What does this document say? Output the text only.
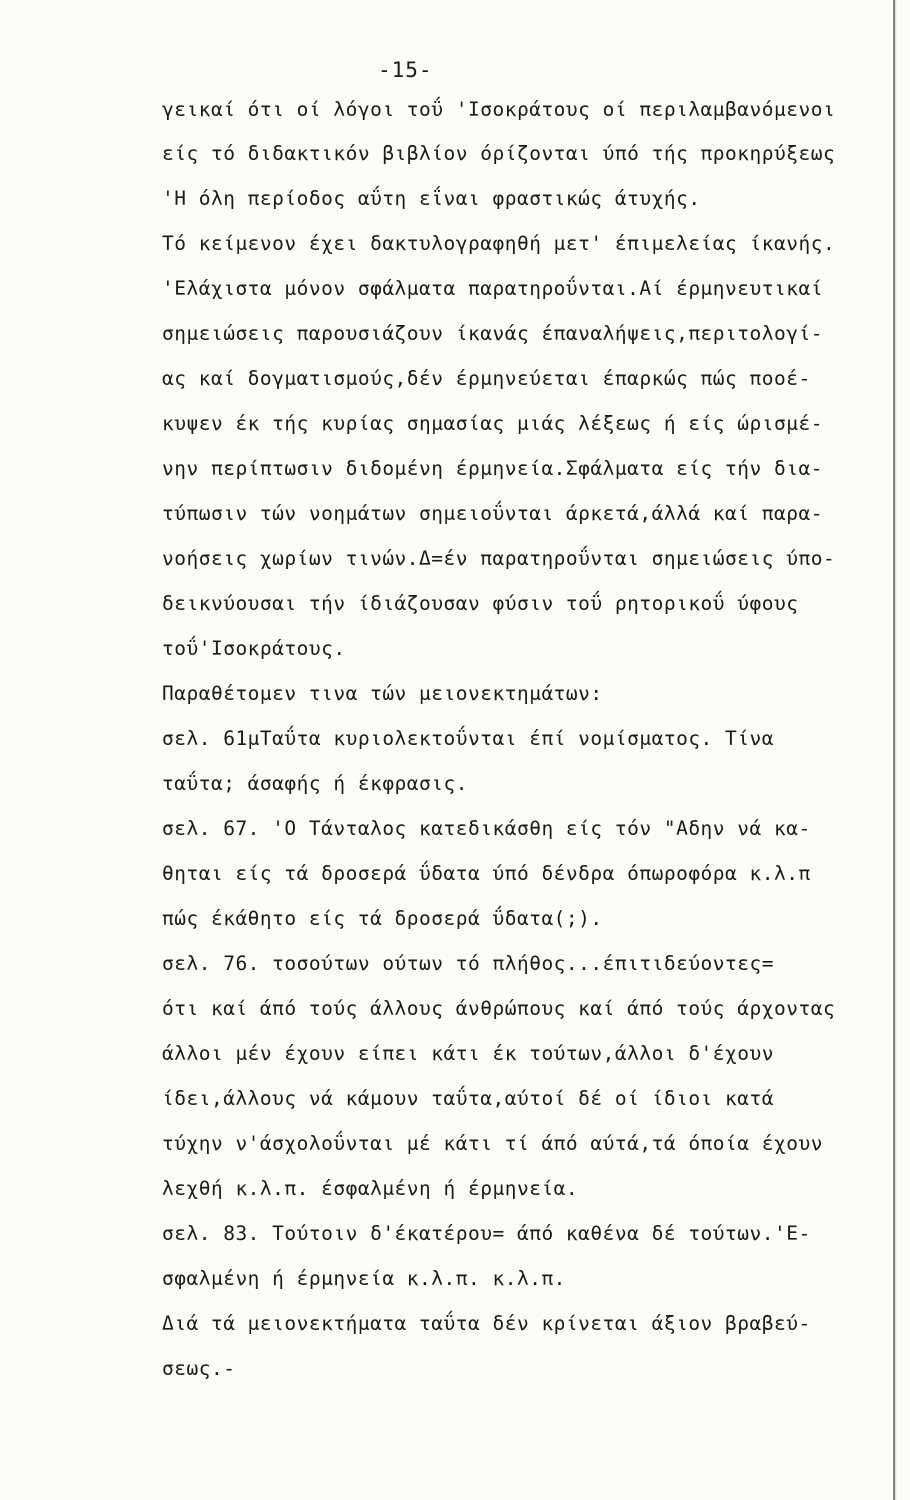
-15-
γεικαί ότι οί λόγοι τοΰ 'Ισοκράτους οί περιλαμβανόμενοι
είς τό διδακτικόν βιβλίον όρίζονται ύπό τής προκηρύξεως
'Η όλη περίοδος αΰτη εΐναι φραστικώς άτυχής.
Τό κείμενον έχει δακτυλογραφηθή μετ' έπιμελείας ίκανής.
'Ελάχιστα μόνον σφάλματα παρατηροΰνται.Αί έρμηνευτικαί
σημειώσεις παρουσιάζουν ίκανάς έπαναλήψεις,περιτολογί-
ας καί δογματισμούς,δέν έρμηνεύεται έπαρκώς πώς ποοέ-
κυψεν έκ τής κυρίας σημασίας μιάς λέξεως ή είς ώρισμέ-
νην περίπτωσιν διδομένη έρμηνεία.Σφάλματα είς τήν δια-
τύπωσιν τών νοημάτων σημειοΰνται άρκετά,άλλά καί παρα-
νοήσεις χωρίων τινών.Δ=έν παρατηροΰνται σημειώσεις ύπο-
δεικνύουσαι τήν ίδιάζουσαν φύσιν τοΰ ρητορικοΰ ύφους
τοΰ'Ισοκράτους.
Παραθέτομεν τινα τών μειονεκτημάτων:
σελ. 61μΤαΰτα κυριολεκτοΰνται έπί νομίσματος. Τίνα
ταΰτα; άσαφής ή έκφρασις.
σελ. 67. 'Ο Τάνταλος κατεδικάσθη είς τόν "Αδην νά κα-
θηται είς τά δροσερά ΰδατα ύπό δένδρα όπωροφόρα κ.λ.π
πώς έκάθητο είς τά δροσερά ΰδατα(;).
σελ. 76. τοσούτων ούτων τό πλήθος...έπιτιδεύοντες=
ότι καί άπό τούς άλλους άνθρώπους καί άπό τούς άρχοντας
άλλοι μέν έχουν είπει κάτι έκ τούτων,άλλοι δ'έχουν
ίδει,άλλους νά κάμουν ταΰτα,αύτοί δέ οί ίδιοι κατά
τύχην ν'άσχολοΰνται μέ κάτι τί άπό αύτά,τά όποία έχουν
λεχθή κ.λ.π. έσφαλμένη ή έρμηνεία.
σελ. 83. Τούτοιν δ'έκατέρου= άπό καθένα δέ τούτων.'Ε-
σφαλμένη ή έρμηνεία κ.λ.π. κ.λ.π.
Διά τά μειονεκτήματα ταΰτα δέν κρίνεται άξιον βραβεύ-
σεως.-
